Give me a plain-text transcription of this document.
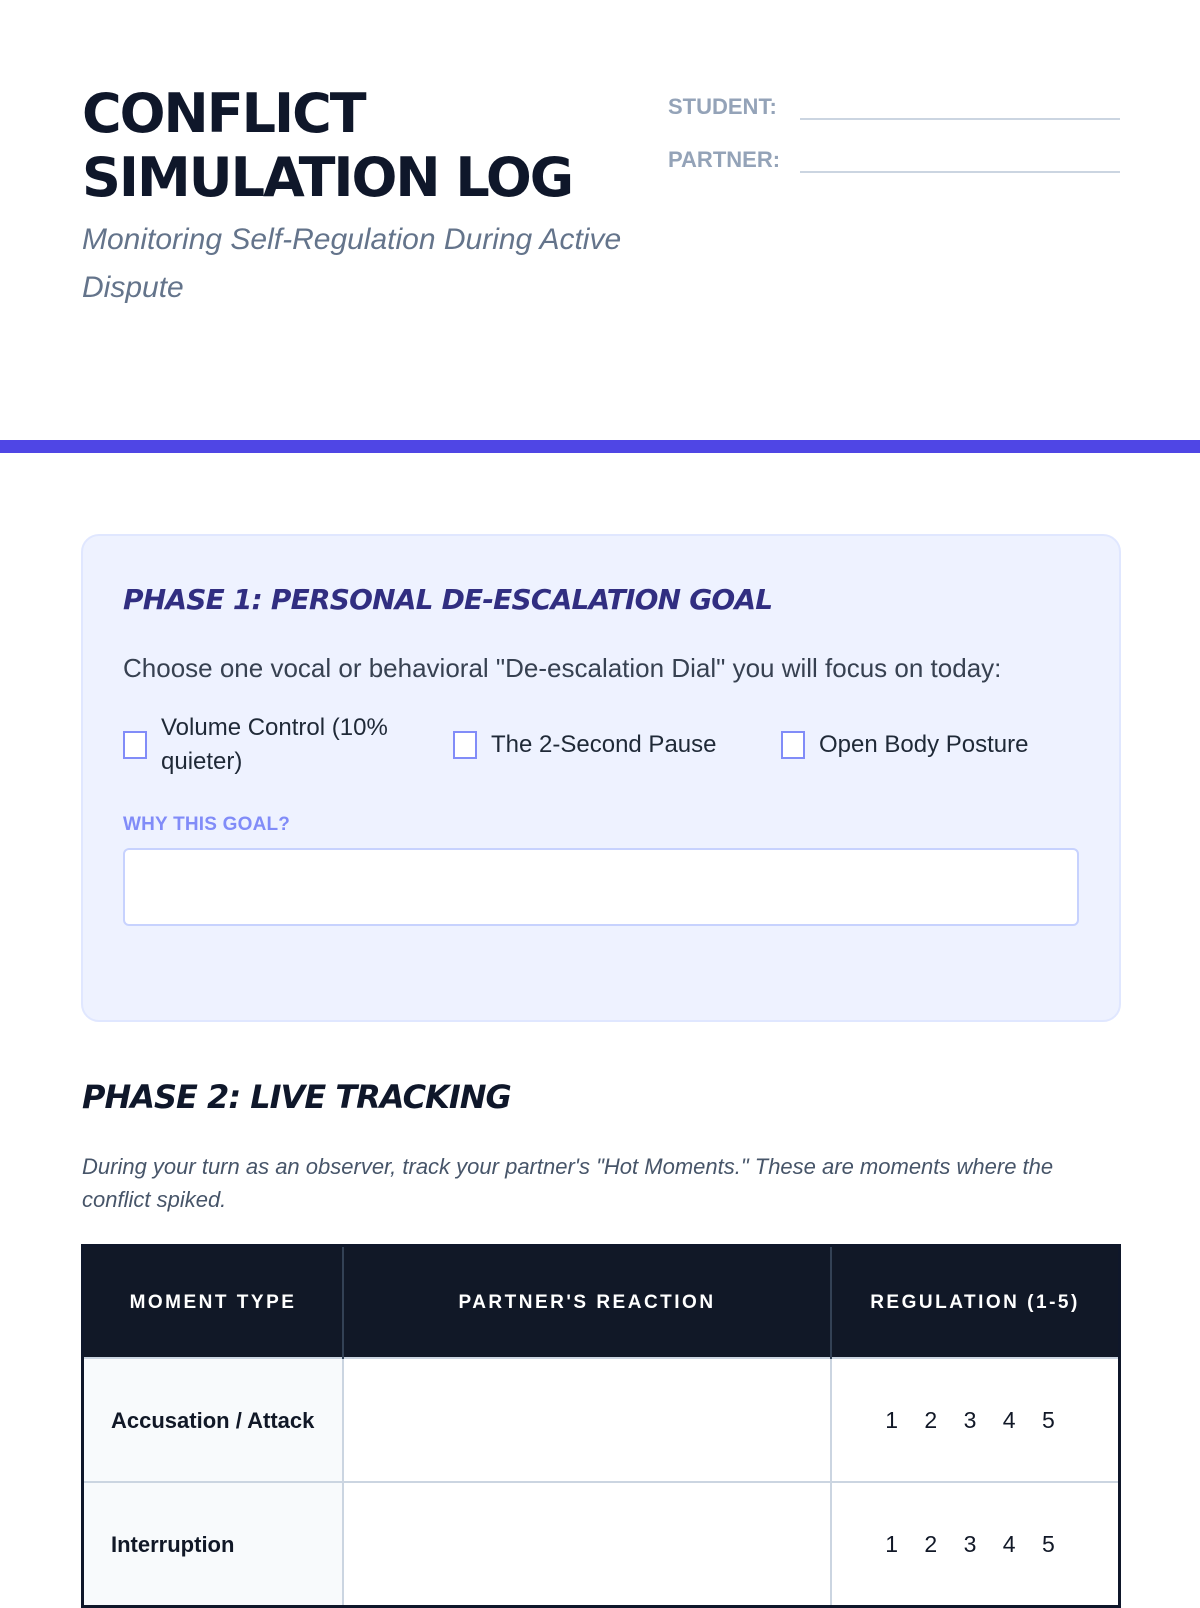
CONFLICT
SIMULATION LOG

Monitoring Self-Regulation During Active Dispute

STUDENT:
PARTNER:
PHASE 1: PERSONAL DE-ESCALATION GOAL

Choose one vocal or behavioral "De-escalation Dial" you will focus on today:

Volume Control (10% quieter)
The 2-Second Pause	Open Body Posture
WHY THIS GOAL?
PHASE 2: LIVE TRACKING

During your turn as an observer, track your partner's "Hot Moments." These are moments where the conflict spiked.

MOMENT TYPE	PARTNER'S REACTION	REGULATION (1-5)
Accusation / Attack		1 2 3 4 5
Interruption		1 2 3 4 5
